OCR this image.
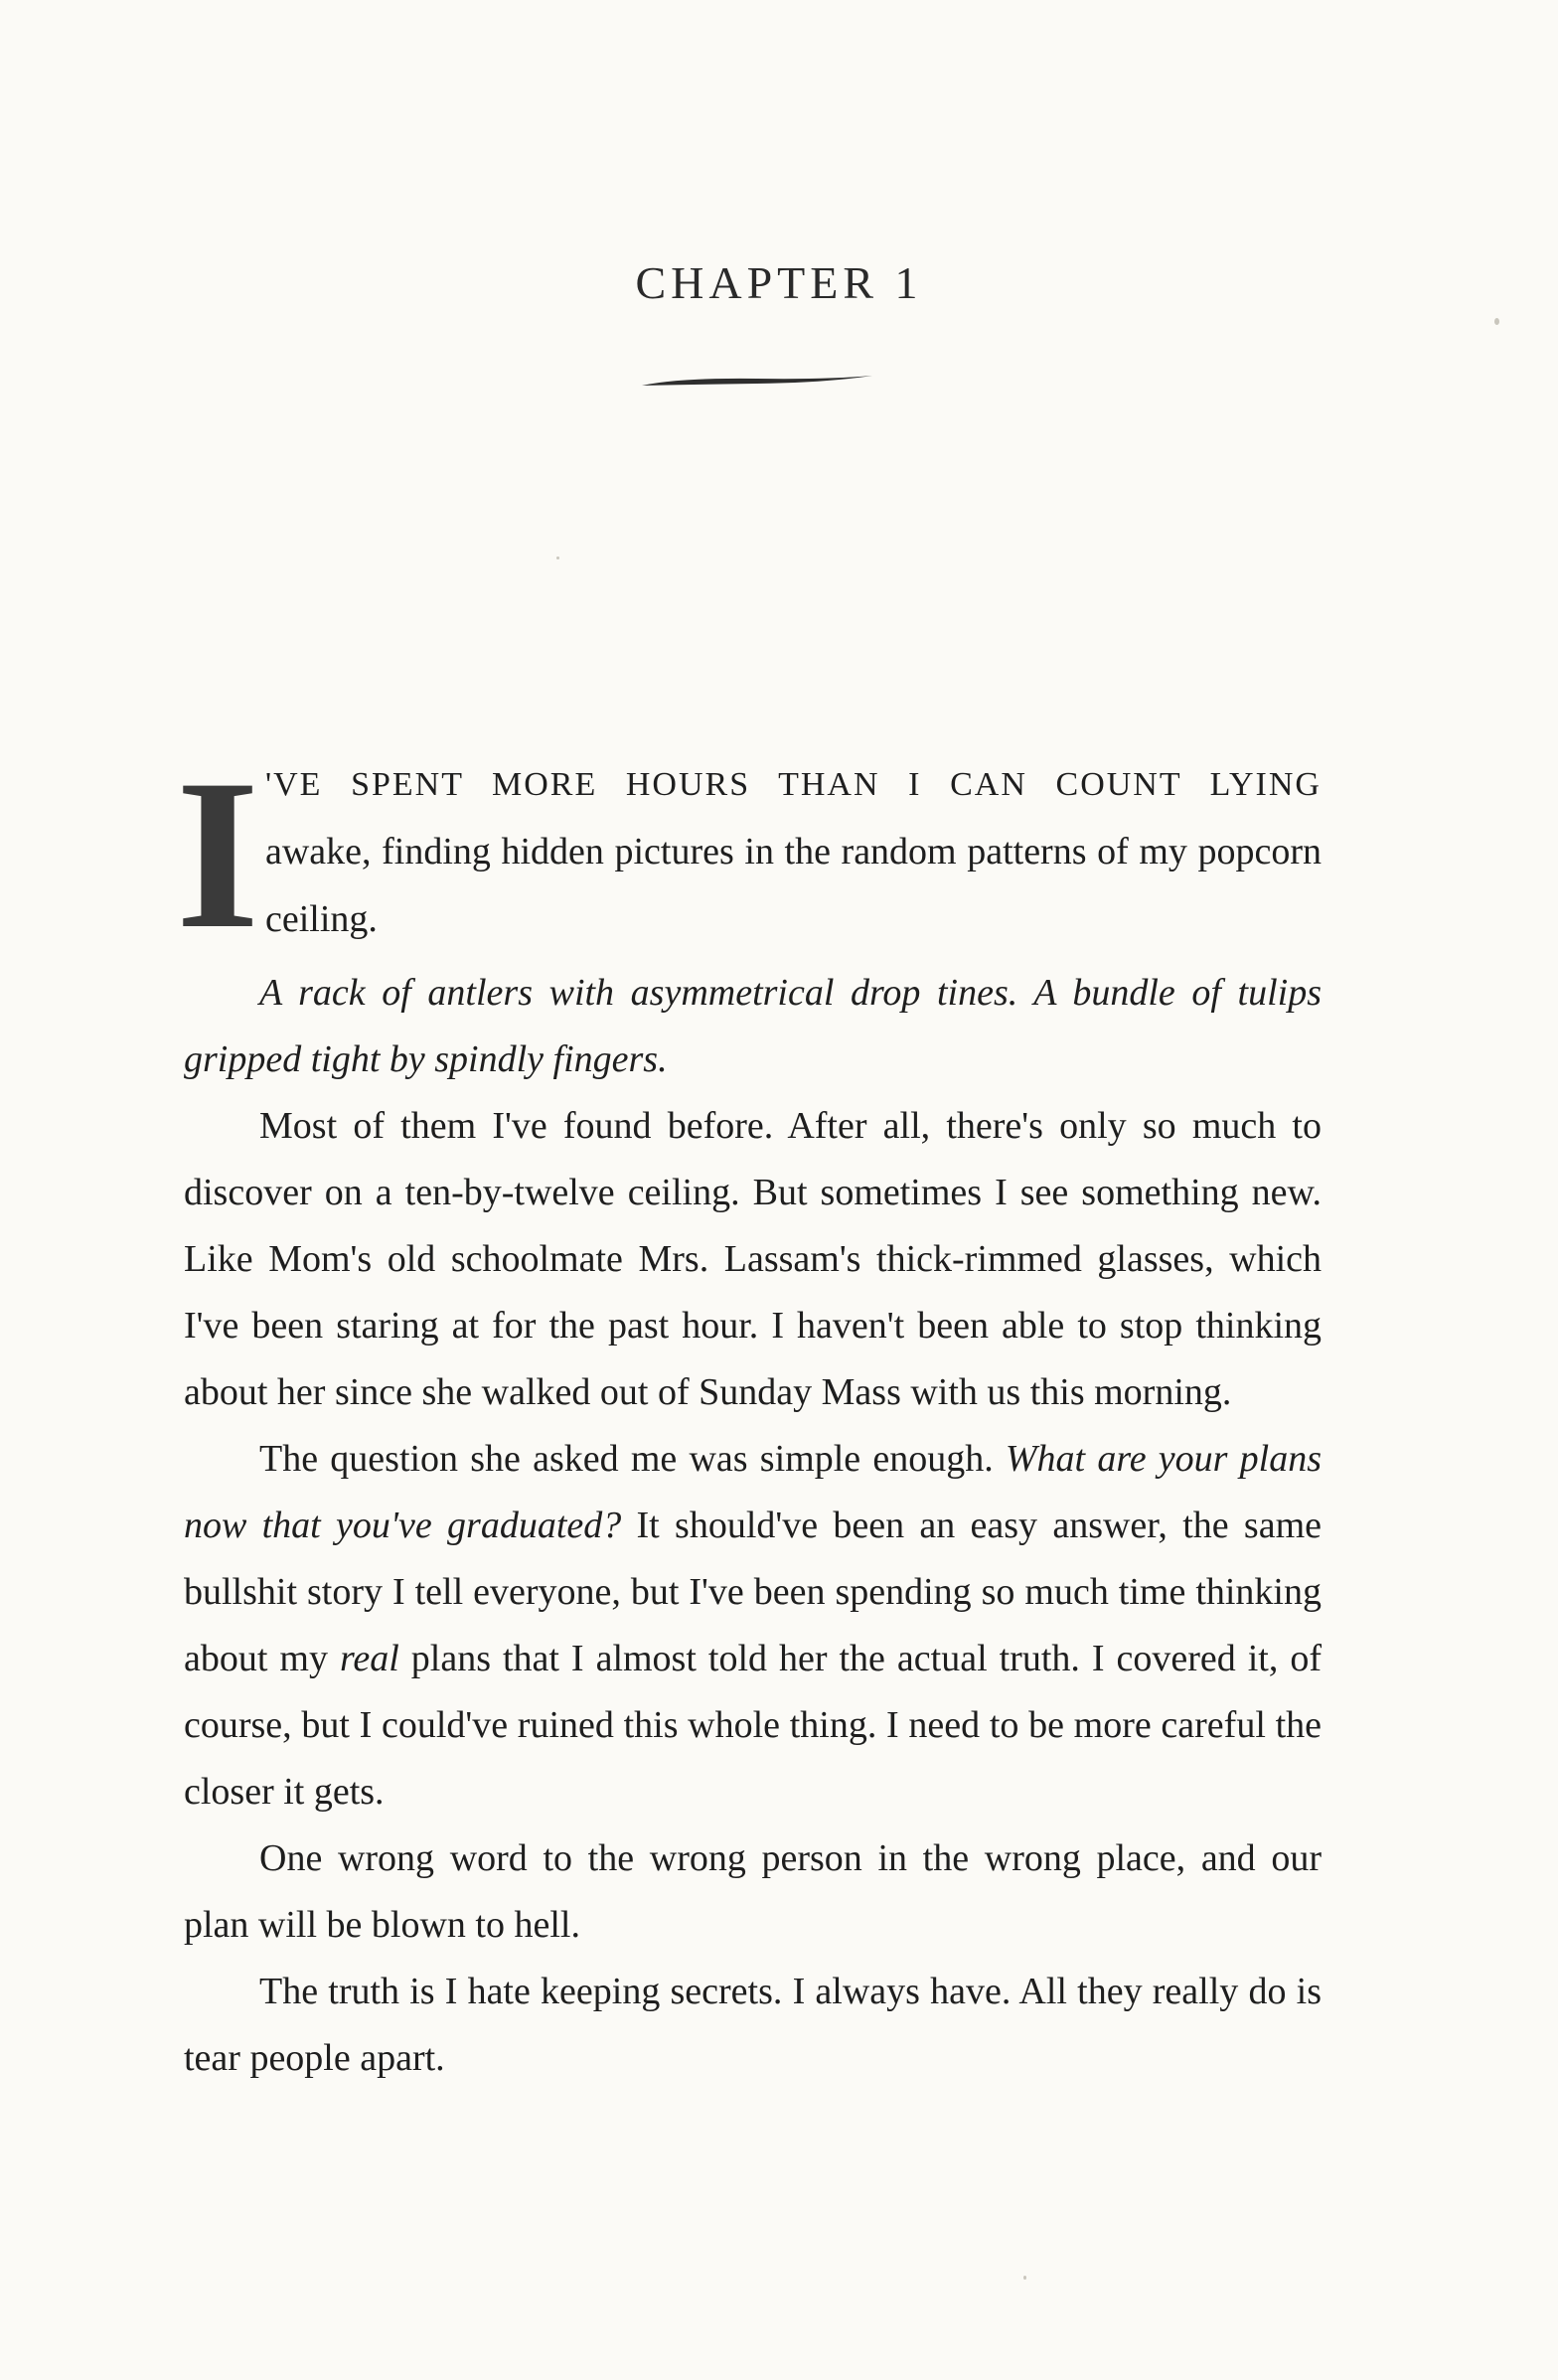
CHAPTER 1
I 'VE SPENT MORE HOURS THAN I CAN COUNT LYING
awake, finding hidden pictures in the random patterns of my popcorn ceiling.

A rack of antlers with asymmetrical drop tines. A bundle of tulips gripped tight by spindly fingers.

Most of them I've found before. After all, there's only so much to discover on a ten-by-twelve ceiling. But sometimes I see something new. Like Mom's old schoolmate Mrs. Lassam's thick-rimmed glasses, which I've been staring at for the past hour. I haven't been able to stop thinking about her since she walked out of Sunday Mass with us this morning.

The question she asked me was simple enough. What are your plans now that you've graduated? It should've been an easy answer, the same bullshit story I tell everyone, but I've been spending so much time thinking about my real plans that I almost told her the actual truth. I covered it, of course, but I could've ruined this whole thing. I need to be more careful the closer it gets.

One wrong word to the wrong person in the wrong place, and our plan will be blown to hell.

The truth is I hate keeping secrets. I always have. All they really do is tear people apart.
